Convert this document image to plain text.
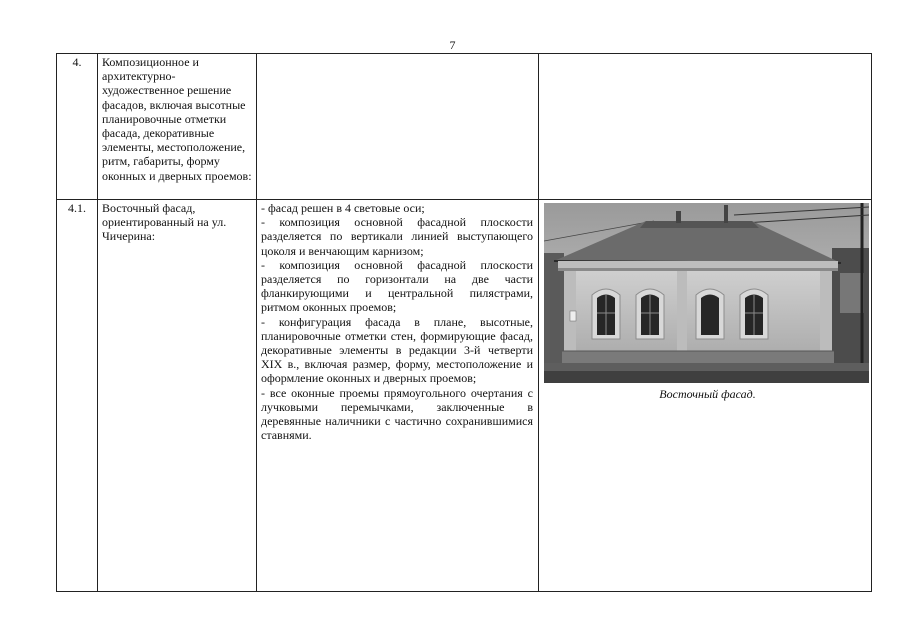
7
4.	Композиционное и архитектурно-художественное решение фасадов, включая высотные планировочные отметки фасада, декоративные элементы, местоположение, ритм, габариты, форму оконных и дверных проемов:		
4.1.	Восточный фасад, ориентированный на ул. Чичерина:	- фасад решен в 4 световые оси;
- композиция основной фасадной плоскости разделяется по вертикали линией выступающего цоколя и венчающим карнизом;
- композиция основной фасадной плоскости разделяется по горизонтали на две части фланкирующими и центральной пилястрами, ритмом оконных проемов;
- конфигурация фасада в плане, высотные, планировочные отметки стен, формирующие фасад, декоративные элементы в редакции 3-й четверти XIX в., включая размер, форму, местоположение и оформление оконных и дверных проемов;
- все оконные проемы прямоугольного очертания с лучковыми перемычками, заключенные в деревянные наличники с частично сохранившимися ставнями.	Восточный фасад.
